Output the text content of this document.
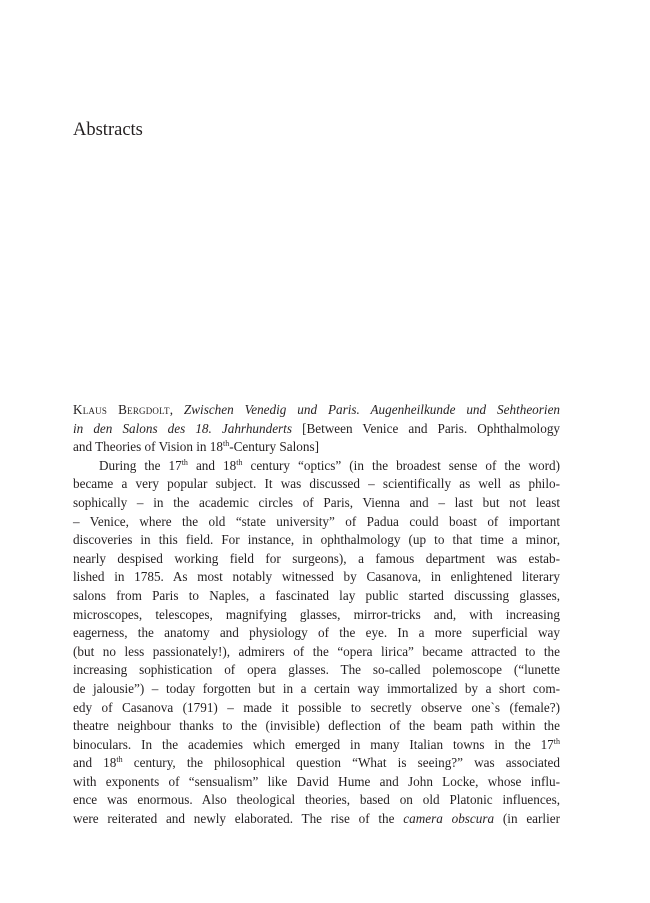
Abstracts

Klaus Bergdolt, Zwischen Venedig und Paris. Augenheilkunde und Sehtheorien
in den Salons des 18. Jahrhunderts [Between Venice and Paris. Ophthalmology
and Theories of Vision in 18th-Century Salons]

During the 17th and 18th century “optics” (in the broadest sense of the word)
became a very popular subject. It was discussed – scientifically as well as philo-
sophically – in the academic circles of Paris, Vienna and – last but not least
– Venice, where the old “state university” of Padua could boast of important
discoveries in this field. For instance, in ophthalmology (up to that time a minor,
nearly despised working field for surgeons), a famous department was estab-
lished in 1785. As most notably witnessed by Casanova, in enlightened literary
salons from Paris to Naples, a fascinated lay public started discussing glasses,
microscopes, telescopes, magnifying glasses, mirror-tricks and, with increasing
eagerness, the anatomy and physiology of the eye. In a more superficial way
(but no less passionately!), admirers of the “opera lirica” became attracted to the
increasing sophistication of opera glasses. The so-called polemoscope (“lunette
de jalousie”) – today forgotten but in a certain way immortalized by a short com-
edy of Casanova (1791) – made it possible to secretly observe one`s (female?)
theatre neighbour thanks to the (invisible) deflection of the beam path within the
binoculars. In the academies which emerged in many Italian towns in the 17th
and 18th century, the philosophical question “What is seeing?” was associated
with exponents of “sensualism” like David Hume and John Locke, whose influ-
ence was enormous. Also theological theories, based on old Platonic influences,
were reiterated and newly elaborated. The rise of the camera obscura (in earlier
